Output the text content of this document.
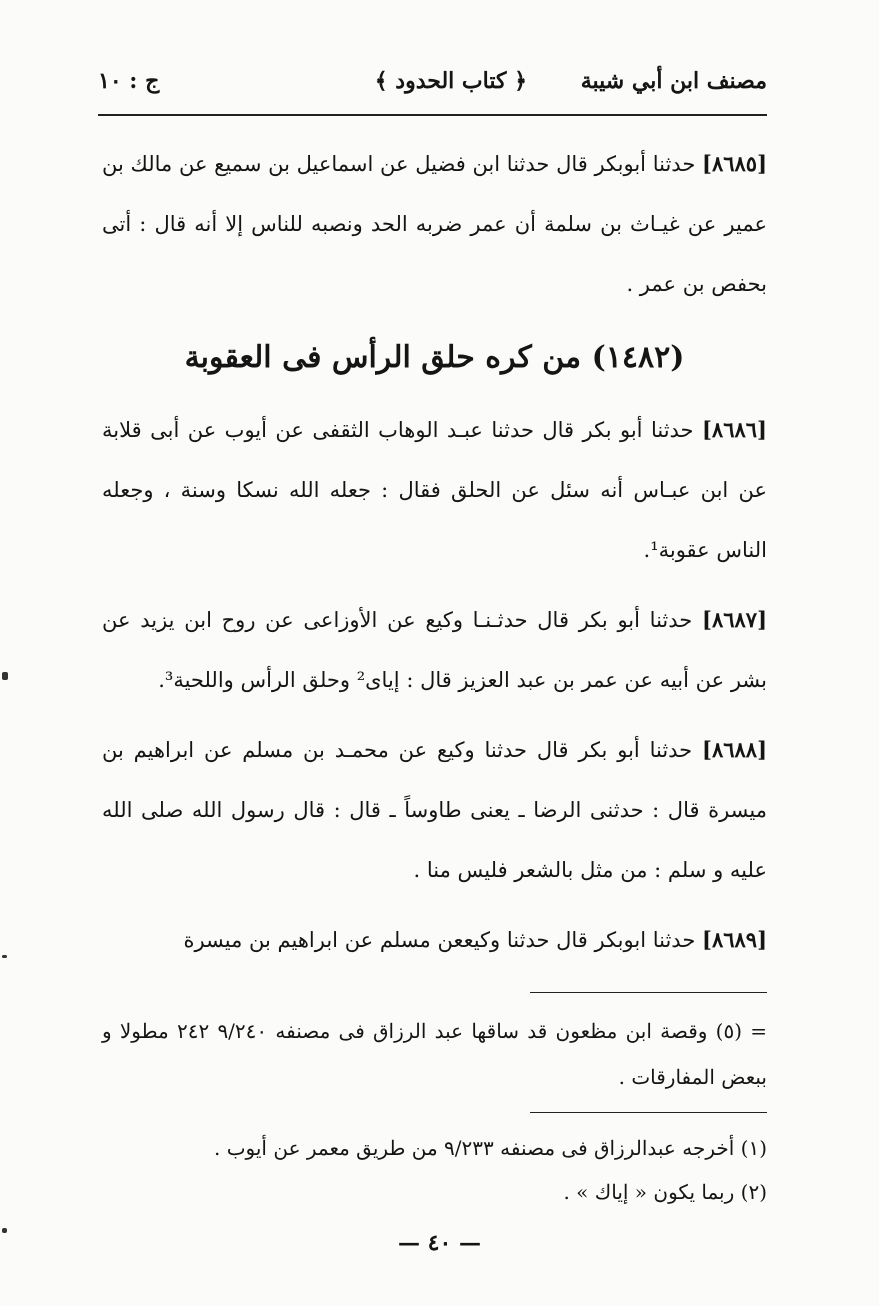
مصنف ابن أبي شيبة
﴿ كتاب الحدود ﴾
ج : ١٠

[٨٦٨٥] حدثنا أبوبكر قال حدثنا ابن فضيل عن اسماعيل بن سميع عن مالك بن عمير عن غيـاث بن سلمة أن عمر ضربه الحد ونصبه للناس إلا أنه قال : أتى بحفص بن عمر .

(١٤٨٢) من كره حلق الرأس فى العقوبة

[٨٦٨٦] حدثنا أبو بكر قال حدثنا عبـد الوهاب الثقفى عن أيوب عن أبى قلابة عن ابن عبـاس أنه سئل عن الحلق فقال : جعله الله نسكا وسنة ، وجعله الناس عقوبة¹.

[٨٦٨٧] حدثنا أبو بكر قال حدثـنـا وكيع عن الأوزاعى عن روح ابن يزيد عن بشر عن أبيه عن عمر بن عبد العزيز قال : إياى² وحلق الرأس واللحية³.

[٨٦٨٨] حدثنا أبو بكر قال حدثنا وكيع عن محمـد بن مسلم عن ابراهيم بن ميسرة قال : حدثنى الرضا ـ يعنى طاوساً ـ قال : قال رسول الله صلى الله عليه و سلم : من مثل بالشعر فليس منا .

[٨٦٨٩] حدثنا ابوبكر قال حدثنا وكيععن مسلم عن ابراهيم بن ميسرة

= (٥) وقصة ابن مظعون قد ساقها عبد الرزاق فى مصنفه ٩/٢٤٠ ٢٤٢ مطولا و ببعض المفارقات .
(١) أخرجه عبدالرزاق فى مصنفه ٩/٢٣٣ من طريق معمر عن أيوب .
(٢) ربما يكون « إياك » .
— ٤٠ —
